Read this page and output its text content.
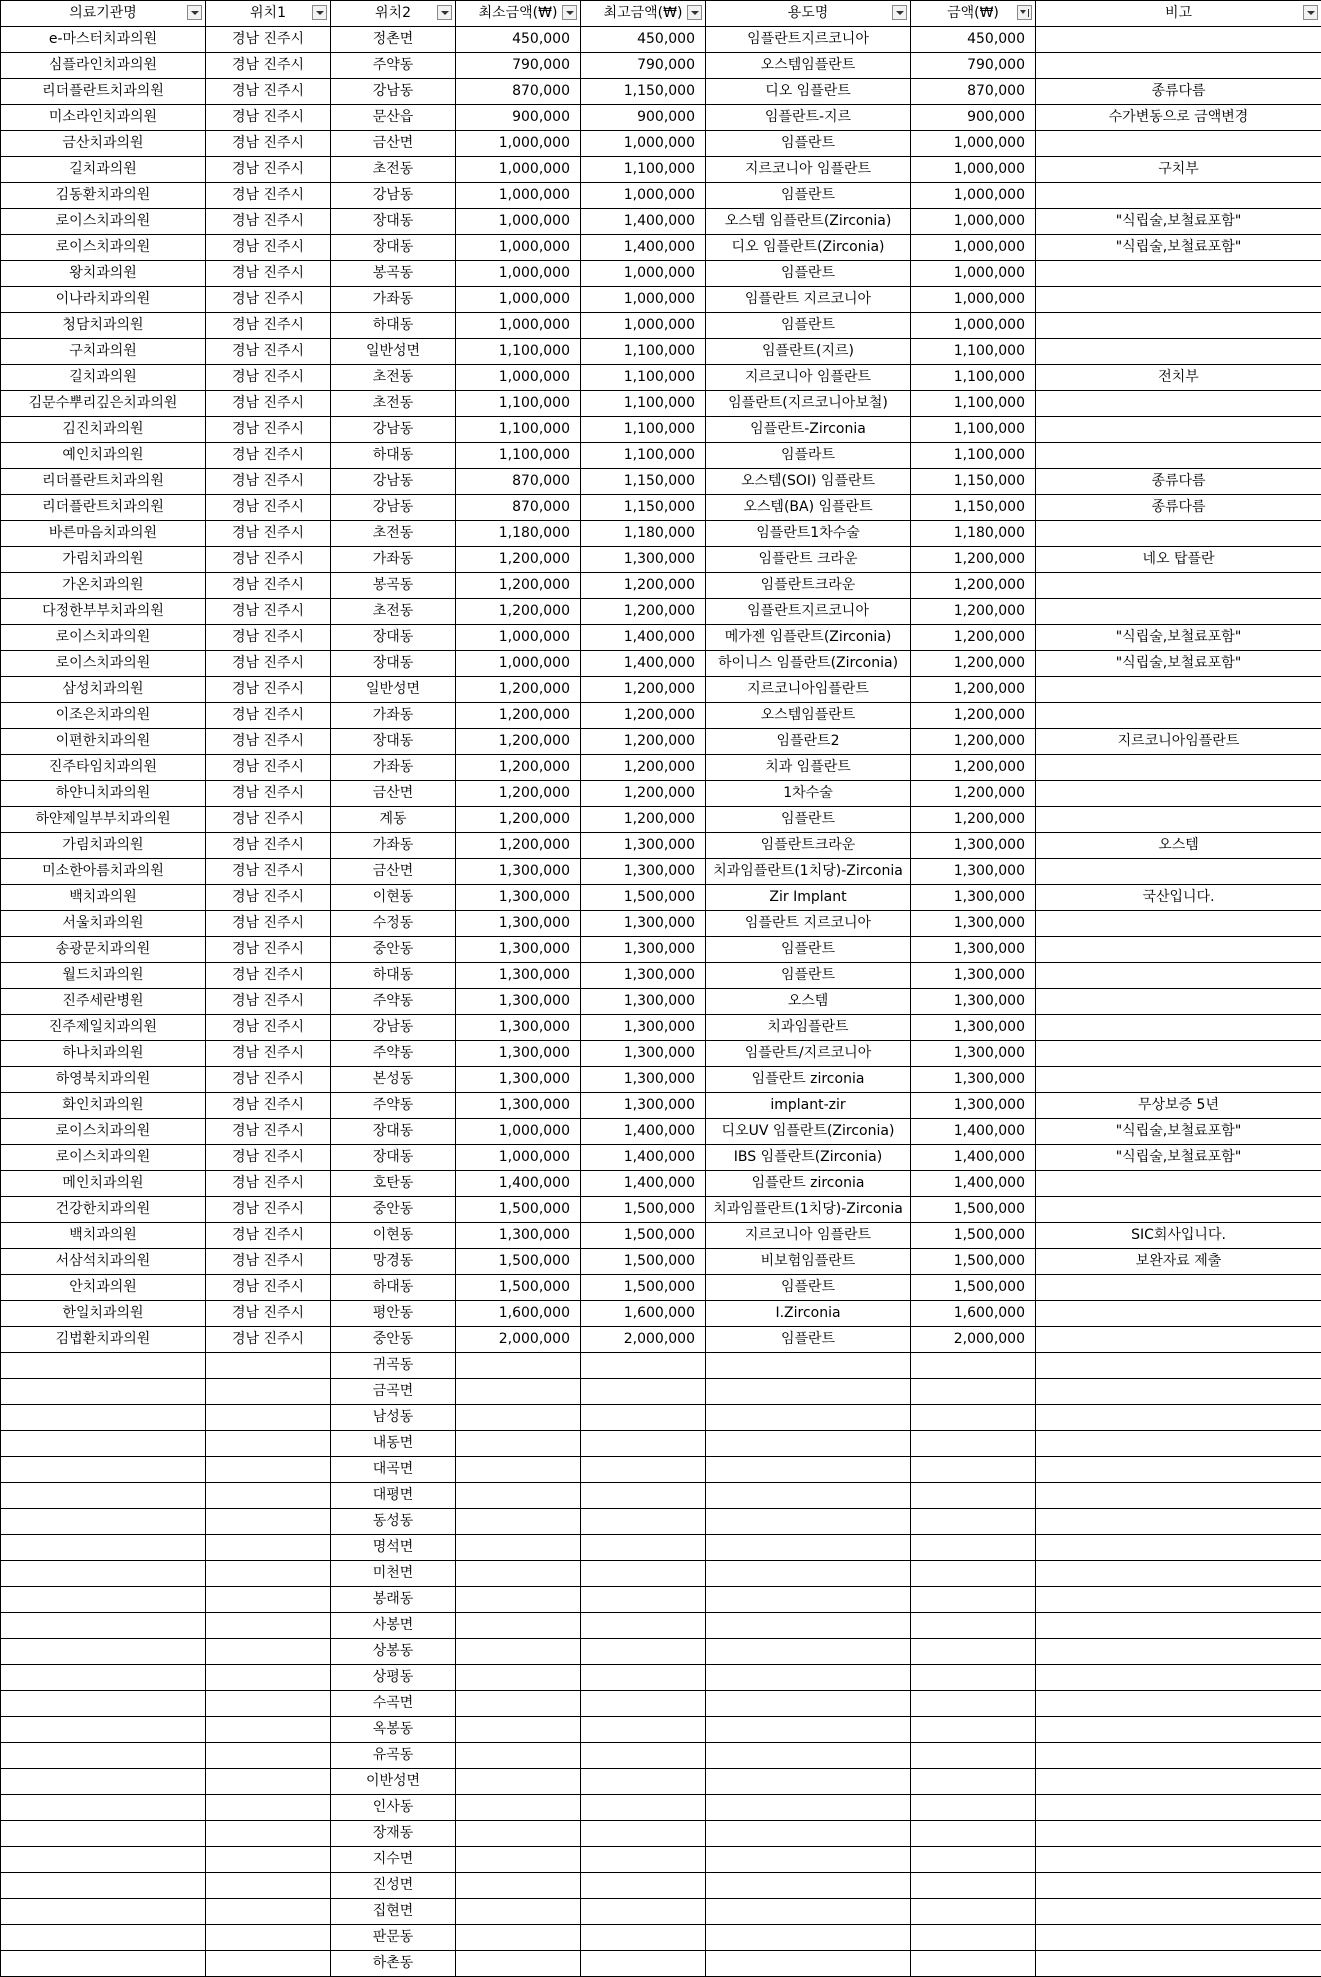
의료기관명	위치1	위치2	최소금액(₩)	최고금액(₩)	용도명	금액(₩)	비고

e-마스터치과의원	경남 진주시	정촌면	450,000	450,000	임플란트지르코니아	450,000	
심플라인치과의원	경남 진주시	주약동	790,000	790,000	오스템임플란트	790,000	
리더플란트치과의원	경남 진주시	강남동	870,000	1,150,000	디오 임플란트	870,000	종류다름
미소라인치과의원	경남 진주시	문산읍	900,000	900,000	임플란트-지르	900,000	수가변동으로 금액변경
금산치과의원	경남 진주시	금산면	1,000,000	1,000,000	임플란트	1,000,000	
길치과의원	경남 진주시	초전동	1,000,000	1,100,000	지르코니아 임플란트	1,000,000	구치부
김동환치과의원	경남 진주시	강남동	1,000,000	1,000,000	임플란트	1,000,000	
로이스치과의원	경남 진주시	장대동	1,000,000	1,400,000	오스템 임플란트(Zirconia)	1,000,000	"식립술,보철료포함"
로이스치과의원	경남 진주시	장대동	1,000,000	1,400,000	디오 임플란트(Zirconia)	1,000,000	"식립술,보철료포함"
왕치과의원	경남 진주시	봉곡동	1,000,000	1,000,000	임플란트	1,000,000	
이나라치과의원	경남 진주시	가좌동	1,000,000	1,000,000	임플란트 지르코니아	1,000,000	
청담치과의원	경남 진주시	하대동	1,000,000	1,000,000	임플란트	1,000,000	
구치과의원	경남 진주시	일반성면	1,100,000	1,100,000	임플란트(지르)	1,100,000	
길치과의원	경남 진주시	초전동	1,000,000	1,100,000	지르코니아 임플란트	1,100,000	전치부
김문수뿌리깊은치과의원	경남 진주시	초전동	1,100,000	1,100,000	임플란트(지르코니아보철)	1,100,000	
김진치과의원	경남 진주시	강남동	1,100,000	1,100,000	임플란트-Zirconia	1,100,000	
예인치과의원	경남 진주시	하대동	1,100,000	1,100,000	임플라트	1,100,000	
리더플란트치과의원	경남 진주시	강남동	870,000	1,150,000	오스템(SOI) 임플란트	1,150,000	종류다름
리더플란트치과의원	경남 진주시	강남동	870,000	1,150,000	오스템(BA) 임플란트	1,150,000	종류다름
바른마음치과의원	경남 진주시	초전동	1,180,000	1,180,000	임플란트1차수술	1,180,000	
가림치과의원	경남 진주시	가좌동	1,200,000	1,300,000	임플란트 크라운	1,200,000	네오 탑플란
가온치과의원	경남 진주시	봉곡동	1,200,000	1,200,000	임플란트크라운	1,200,000	
다정한부부치과의원	경남 진주시	초전동	1,200,000	1,200,000	임플란트지르코니아	1,200,000	
로이스치과의원	경남 진주시	장대동	1,000,000	1,400,000	메가젠 임플란트(Zirconia)	1,200,000	"식립술,보철료포함"
로이스치과의원	경남 진주시	장대동	1,000,000	1,400,000	하이니스 임플란트(Zirconia)	1,200,000	"식립술,보철료포함"
삼성치과의원	경남 진주시	일반성면	1,200,000	1,200,000	지르코니아임플란트	1,200,000	
이조은치과의원	경남 진주시	가좌동	1,200,000	1,200,000	오스템임플란트	1,200,000	
이편한치과의원	경남 진주시	장대동	1,200,000	1,200,000	임플란트2	1,200,000	지르코니아임플란트
진주타임치과의원	경남 진주시	가좌동	1,200,000	1,200,000	치과 임플란트	1,200,000	
하얀니치과의원	경남 진주시	금산면	1,200,000	1,200,000	1차수술	1,200,000	
하얀제일부부치과의원	경남 진주시	계동	1,200,000	1,200,000	임플란트	1,200,000	
가림치과의원	경남 진주시	가좌동	1,200,000	1,300,000	임플란트크라운	1,300,000	오스템
미소한아름치과의원	경남 진주시	금산면	1,300,000	1,300,000	치과임플란트(1치당)-Zirconia	1,300,000	
백치과의원	경남 진주시	이현동	1,300,000	1,500,000	Zir Implant	1,300,000	국산입니다.
서울치과의원	경남 진주시	수정동	1,300,000	1,300,000	임플란트 지르코니아	1,300,000	
송광문치과의원	경남 진주시	중안동	1,300,000	1,300,000	임플란트	1,300,000	
월드치과의원	경남 진주시	하대동	1,300,000	1,300,000	임플란트	1,300,000	
진주세란병원	경남 진주시	주약동	1,300,000	1,300,000	오스템	1,300,000	
진주제일치과의원	경남 진주시	강남동	1,300,000	1,300,000	치과임플란트	1,300,000	
하나치과의원	경남 진주시	주약동	1,300,000	1,300,000	임플란트/지르코니아	1,300,000	
하영북치과의원	경남 진주시	본성동	1,300,000	1,300,000	임플란트 zirconia	1,300,000	
화인치과의원	경남 진주시	주약동	1,300,000	1,300,000	implant-zir	1,300,000	무상보증 5년
로이스치과의원	경남 진주시	장대동	1,000,000	1,400,000	디오UV 임플란트(Zirconia)	1,400,000	"식립술,보철료포함"
로이스치과의원	경남 진주시	장대동	1,000,000	1,400,000	IBS 임플란트(Zirconia)	1,400,000	"식립술,보철료포함"
메인치과의원	경남 진주시	호탄동	1,400,000	1,400,000	임플란트 zirconia	1,400,000	
건강한치과의원	경남 진주시	중안동	1,500,000	1,500,000	치과임플란트(1치당)-Zirconia	1,500,000	
백치과의원	경남 진주시	이현동	1,300,000	1,500,000	지르코니아 임플란트	1,500,000	SIC회사입니다.
서삼석치과의원	경남 진주시	망경동	1,500,000	1,500,000	비보험임플란트	1,500,000	보완자료 제출
안치과의원	경남 진주시	하대동	1,500,000	1,500,000	임플란트	1,500,000	
한일치과의원	경남 진주시	평안동	1,600,000	1,600,000	I.Zirconia	1,600,000	
김법환치과의원	경남 진주시	중안동	2,000,000	2,000,000	임플란트	2,000,000	
		귀곡동					
		금곡면					
		남성동					
		내동면					
		대곡면					
		대평면					
		동성동					
		명석면					
		미천면					
		봉래동					
		사봉면					
		상봉동					
		상평동					
		수곡면					
		옥봉동					
		유곡동					
		이반성면					
		인사동					
		장재동					
		지수면					
		진성면					
		집현면					
		판문동					
		하촌동					
